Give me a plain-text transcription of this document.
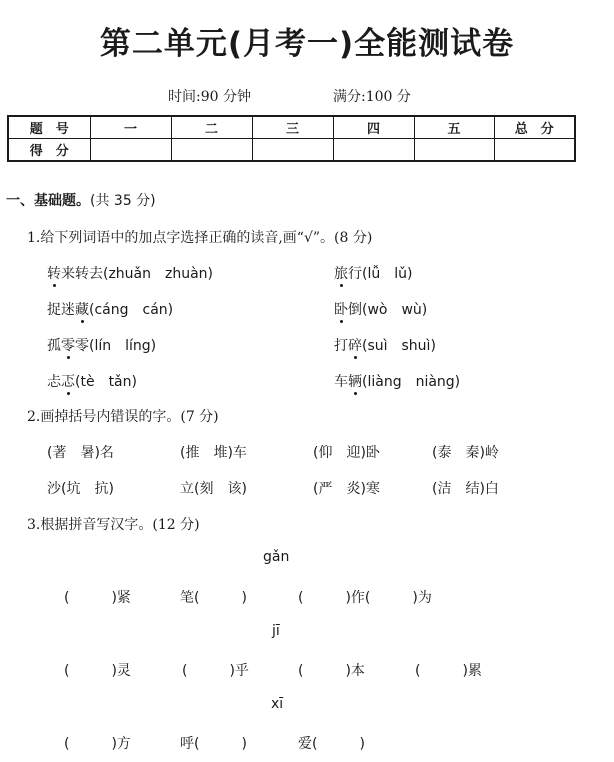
第二单元(月考一)全能测试卷
时间:90 分钟	满分:100 分
题　号	一	二	三	四	五	总　分
得　分						
一、基础题。(共 35 分)
1.给下列词语中的加点字选择正确的读音,画“√”。(8 分)
转来转去(zhuǎn　zhuàn)	旅行(lǚ　lǔ)
捉迷藏(cáng　cán)	卧倒(wò　wù)
孤零零(lín　líng)	打碎(suì　shuì)
忐忑(tè　tǎn)	车辆(liàng　niàng)
2.画掉括号内错误的字。(7 分)
(著　暑)名	(推　堆)车	(仰　迎)卧	(泰　秦)岭
沙(坑　抗)	立(刻　该)	(严　炎)寒	(洁　结)白
3.根据拼音写汉字。(12 分)
gǎn
(　　　)紧	笔(　　　)	(　　　)作(　　　)为
jī
(　　　)灵	(　　　)乎	(　　　)本	(　　　)累
xī
(　　　)方	呼(　　　)	爱(　　　)
